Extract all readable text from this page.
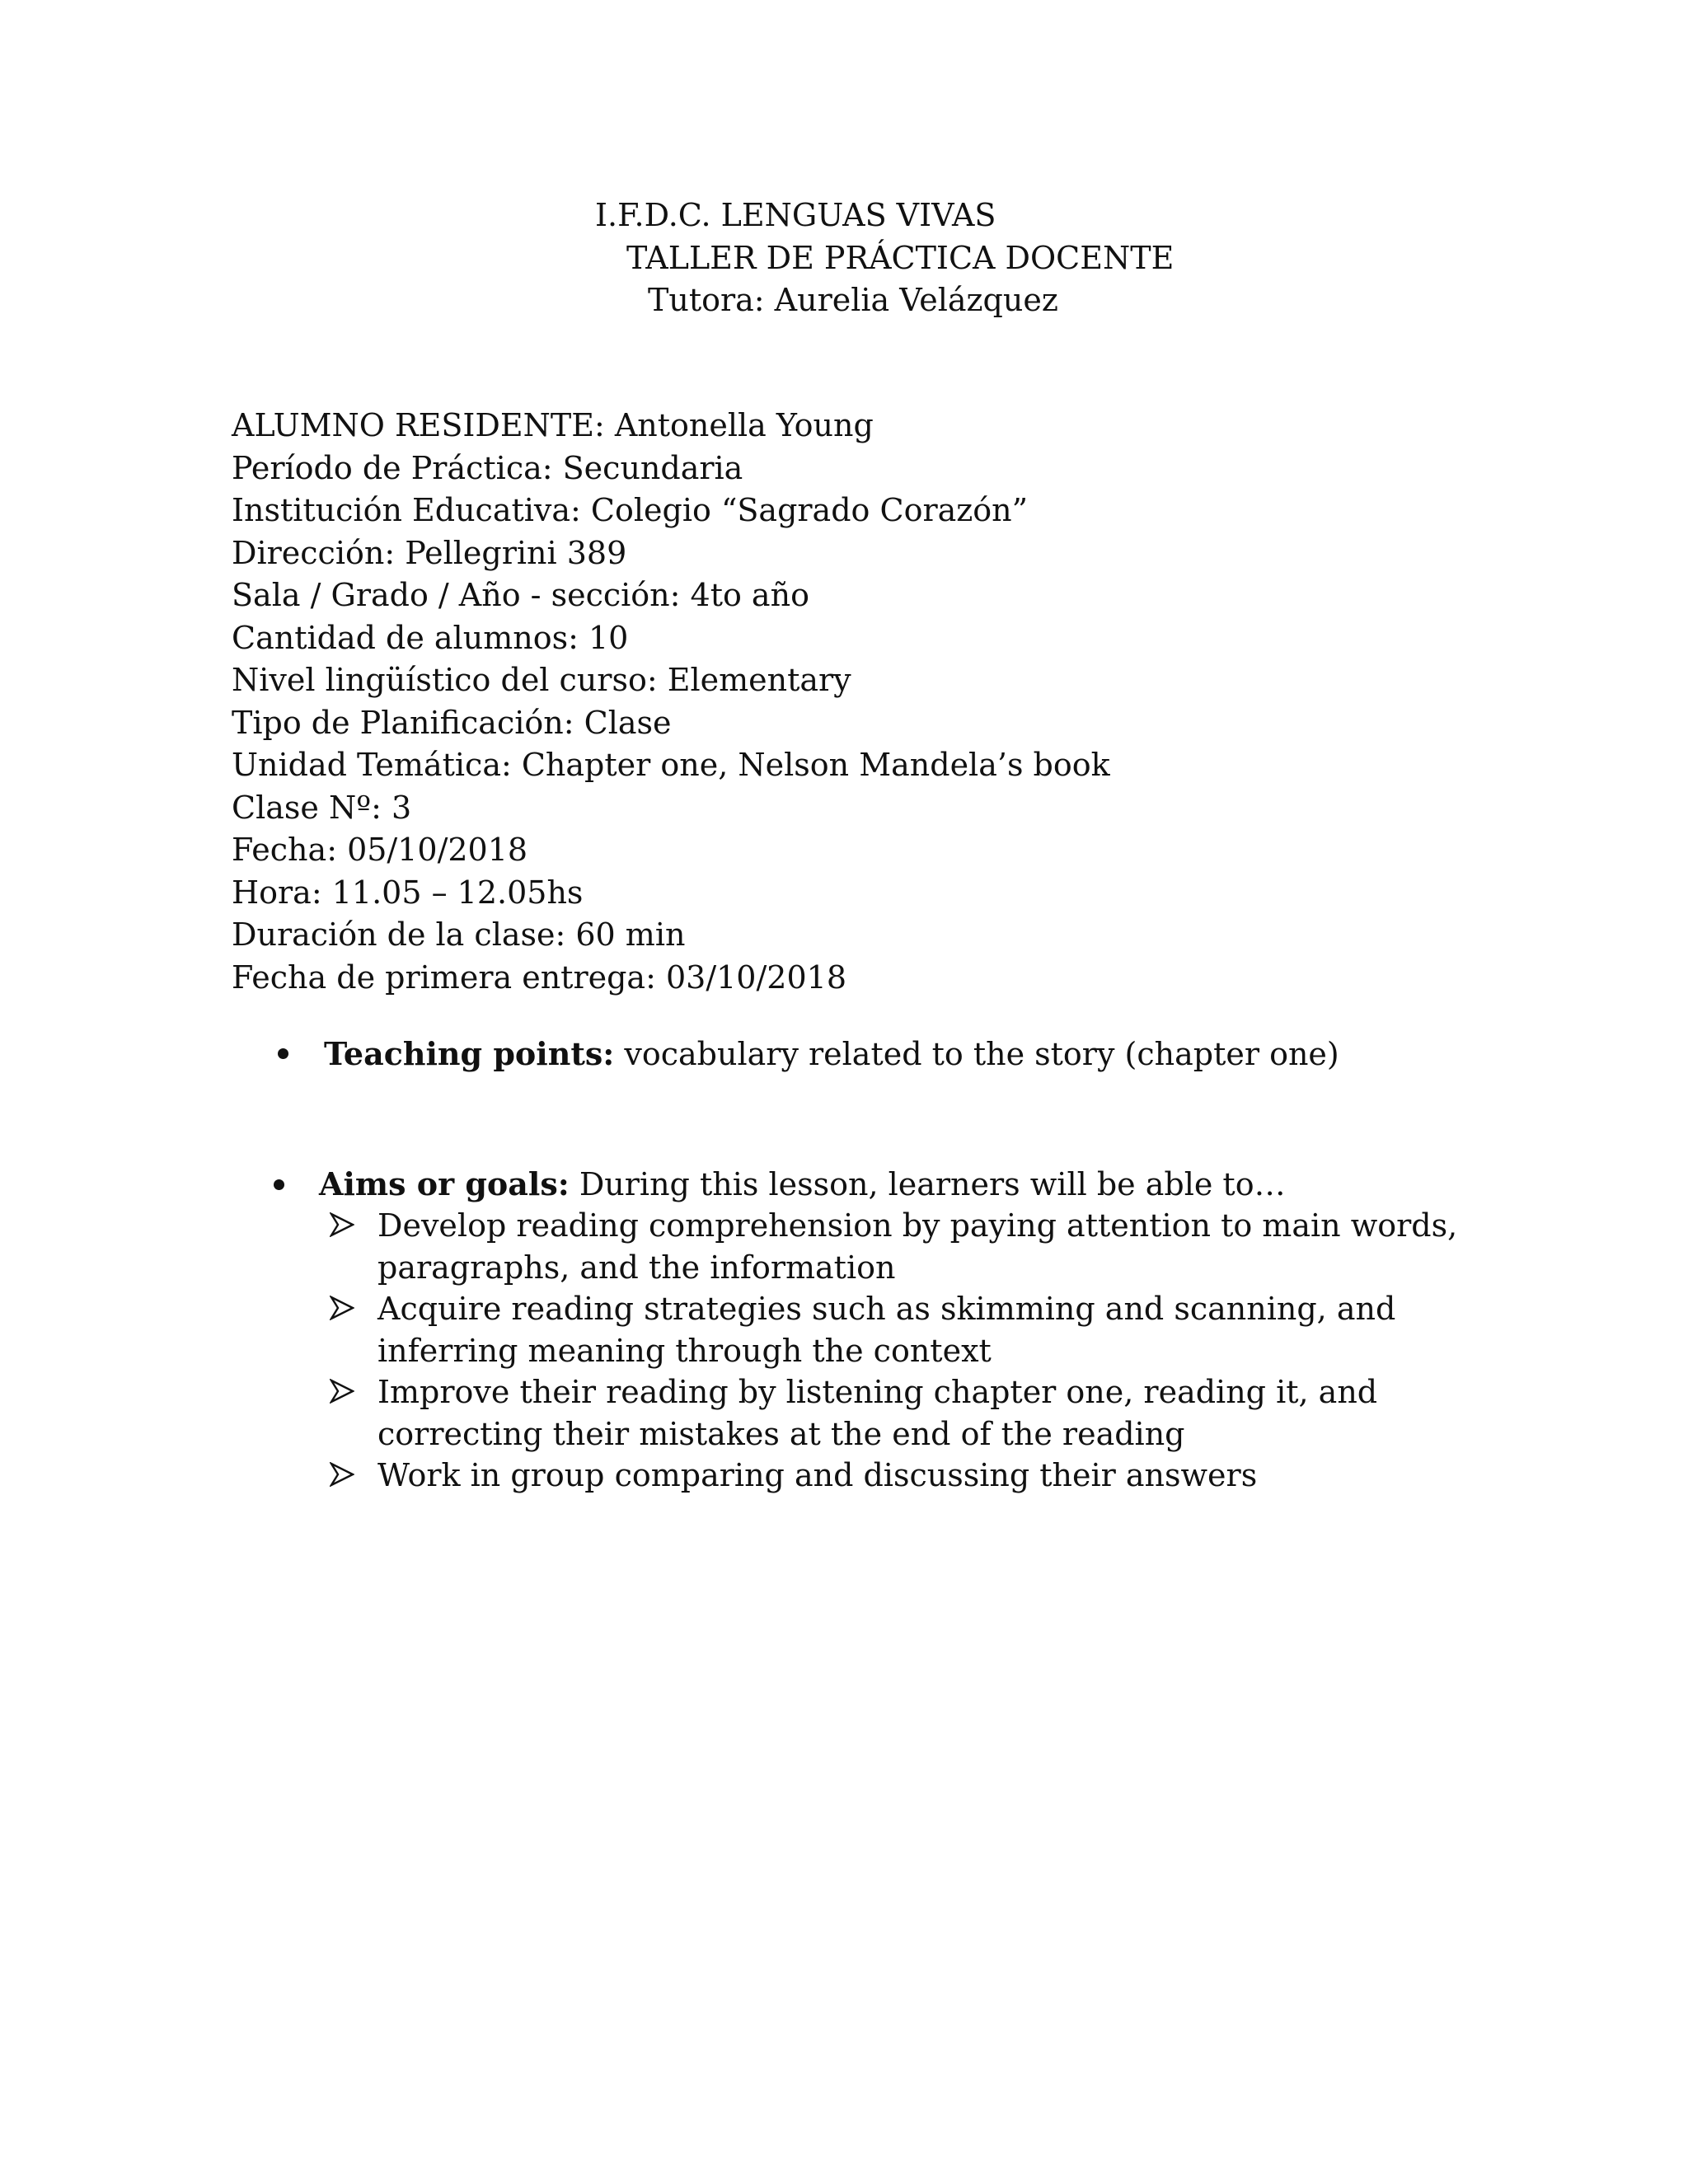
I.F.D.C. LENGUAS VIVAS
TALLER DE PRÁCTICA DOCENTE
Tutora: Aurelia Velázquez
ALUMNO RESIDENTE: Antonella Young
Período de Práctica: Secundaria
Institución Educativa: Colegio “Sagrado Corazón”
Dirección: Pellegrini 389
Sala / Grado / Año - sección: 4to año
Cantidad de alumnos: 10
Nivel lingüístico del curso: Elementary
Tipo de Planificación: Clase
Unidad Temática: Chapter one, Nelson Mandela’s book
Clase Nº: 3
Fecha: 05/10/2018
Hora: 11.05 – 12.05hs
Duración de la clase: 60 min
Fecha de primera entrega: 03/10/2018
Teaching points: vocabulary related to the story (chapter one)
Aims or goals: During this lesson, learners will be able to…
Develop reading comprehension by paying attention to main words,
paragraphs, and the information
Acquire reading strategies such as skimming and scanning, and
inferring meaning through the context
Improve their reading by listening chapter one, reading it, and
correcting their mistakes at the end of the reading
Work in group comparing and discussing their answers
